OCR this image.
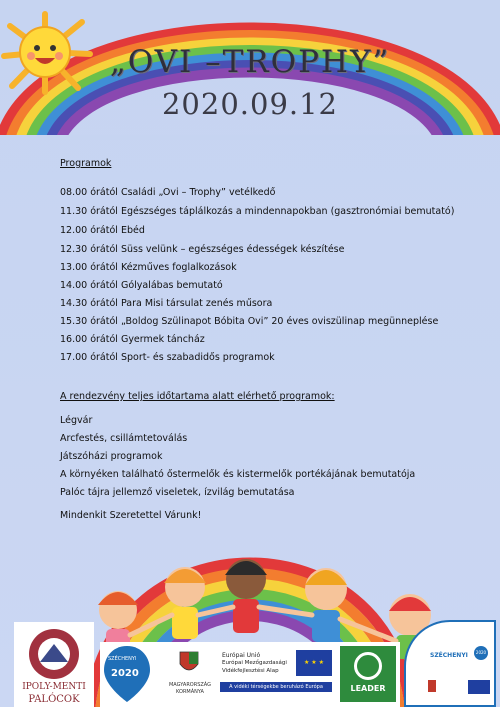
„OVI –TROPHY”
2020.09.12
Programok
08.00 órától Családi „Ovi – Trophy” vetélkedő
11.30 órától Egészséges táplálkozás a mindennapokban (gasztronómiai bemutató)
12.00 órától Ebéd
12.30 órától Süss velünk – egészséges édességek készítése
13.00 órától Kézműves foglalkozások
14.00 órától Gólyalábas bemutató
14.30 órától Para Misi társulat zenés műsora
15.30 órától „Boldog Szülinapot Bóbita Ovi” 20 éves oviszülinap megünneplése
16.00 órától Gyermek táncház
17.00 órától Sport- és szabadidős programok
A rendezvény teljes időtartama alatt elérhető programok:
Légvár
Arcfestés, csillámtetoválás
Játszóházi programok
A környéken található őstermelők és kistermelők portékájának bemutatója
Palóc tájra jellemző viseletek, ízvilág bemutatása
Mindenkit Szeretettel Várunk!
IPOLY-MENTI
PALÓCOK
SZÉCHENYI
2020
MAGYARORSZÁG
KORMÁNYA
Európai Unió
Európai Mezőgazdasági
Vidékfejlesztési Alap
★ ★ ★
A vidéki térségekbe beruházó Európa	LEADER
SZÉCHENYI	2020
